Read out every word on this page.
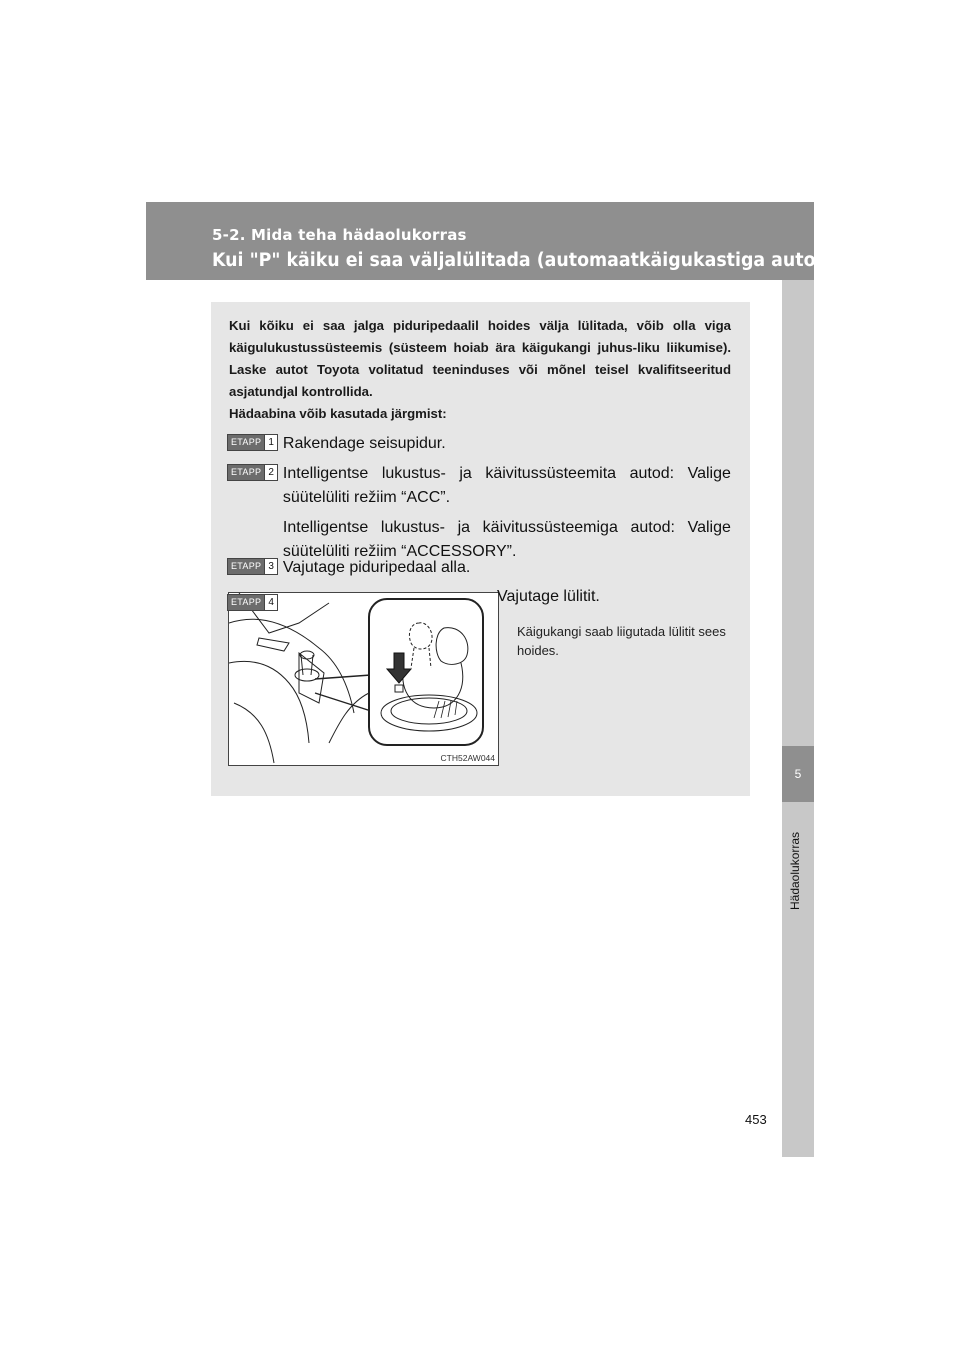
5-2. Mida teha hädaolukorras
Kui "P" käiku ei saa väljalülitada (automaatkäigukastiga autod)
5
Hädaolukorras

Kui kõiku ei saa jalga piduripedaalil hoides välja lülitada, võib olla viga käigulukustussüsteemis (süsteem hoiab ära käigukangi juhus-liku liikumise). Laske autot Toyota volitatud teeninduses või mõnel teisel kvalifitseeritud asjatundjal kontrollida.

Hädaabina võib kasutada järgmist:

ETAPP 1 Rakendage seisupidur.
ETAPP 2 Intelligentse lukustus- ja käivitussüsteemita autod: Valige süütelüliti režiim “ACC”.
Intelligentse lukustus- ja käivitussüsteemiga autod: Valige süütelüliti režiim “ACCESSORY”.
ETAPP 3 Vajutage piduripedaal alla.
CTH52AW044
ETAPP 4	Vajutage lülitit.
Käigukangi saab liigutada lülitit sees hoides.
453
